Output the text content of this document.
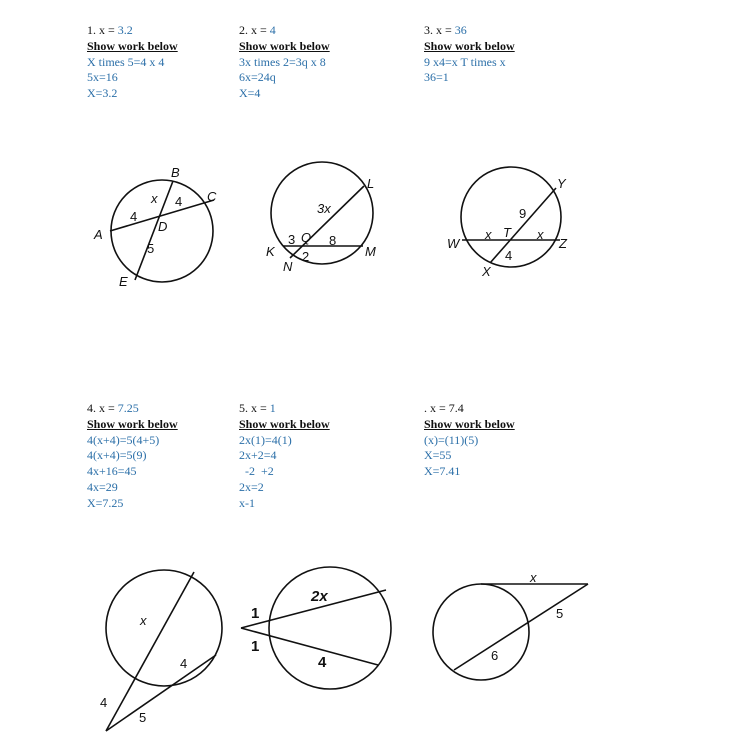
1. x = 3.2
Show work below
X times 5=4 x 4
5x=16
X=3.2
2. x = 4
Show work below
3x times 2=3q x 8
6x=24q
X=4
3. x = 36
Show work below
9 x4=x T times x
36=1
4. x = 7.25
Show work below
4(x+4)=5(4+5)
4(x+4)=5(9)
4x+16=45
4x=29
X=7.25
5. x = 1
Show work below
2x(1)=4(1)
2x+2=4
-2  +2
2x=2
x-1
. x = 7.4
Show work below
(x)=(11)(5)
X=55
X=7.41
A
B
C
D
E
x 4
4
5
L
K	M
N
Q
3x
3	8
2
Y
W	Z
X
T
x	x
9
4
x
4
4
5
2x
1
1
4
x
5
6
